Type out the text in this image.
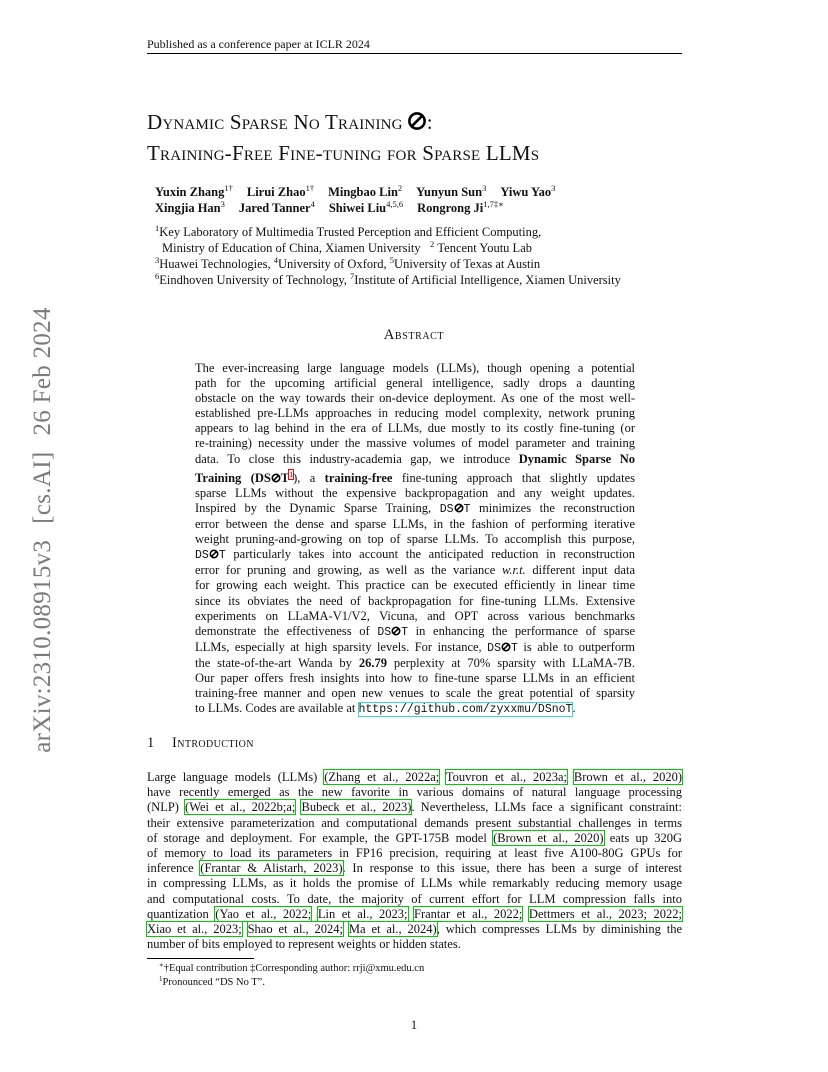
Published as a conference paper at ICLR 2024
arXiv:2310.08915v3[cs.AI]26 Feb 2024
Dynamic Sparse No Training :
Training-Free Fine-tuning for Sparse LLMs
Yuxin Zhang$^{1\dagger}$ Lirui Zhao$^{1\dagger}$ Mingbao Lin$^2$ Yunyun Sun$^3$ Yiwu Yao$^3$
Xingjia Han$^3$ Jared Tanner$^4$ Shiwei Liu$^{4,5,6}$ Rongrong $Ji^{1,7\ddagger∗}$
$^1$Key Laboratory of Multimedia Trusted Perception and Efficient Computing,
Ministry of Education of China, Xiamen University $^2$ Tencent Youtu Lab
$^3$Huawei Technologies, $^4$University of Oxford, $^5$University of Texas at Austin
$^6$Eindhoven University of Technology, $^7$Institute of Artificial Intelligence, Xiamen University
Abstract
The ever-increasing large language models (LLMs), though opening a potential
path for the upcoming artificial general intelligence, sadly drops a daunting
obstacle on the way towards their on-device deployment. As one of the most well-
established pre-LLMs approaches in reducing model complexity, network pruning
appears to lag behind in the era of LLMs, due mostly to its costly fine-tuning (or
re-training) necessity under the massive volumes of model parameter and training
data. To close this industry-academia gap, we introduce Dynamic Sparse No
Training (DS $T^1$), a training-free fine-tuning approach that slightly updates
sparse LLMs without the expensive backpropagation and any weight updates.
Inspired by the Dynamic Sparse Training, DS T minimizes the reconstruction
error between the dense and sparse LLMs, in the fashion of performing iterative
weight pruning-and-growing on top of sparse LLMs. To accomplish this purpose,
DS T particularly takes into account the anticipated reduction in reconstruction
error for pruning and growing, as well as the variance w.r.t. different input data
for growing each weight. This practice can be executed efficiently in linear time
since its obviates the need of backpropagation for fine-tuning LLMs. Extensive
experiments on LLaMA-V1/V2, Vicuna, and OPT across various benchmarks
demonstrate the effectiveness of DS T in enhancing the performance of sparse
LLMs, especially at high sparsity levels. For instance, DS T is able to outperform
the state-of-the-art Wanda by 26.79 perplexity at 70% sparsity with LLaMA-7B.
Our paper offers fresh insights into how to fine-tune sparse LLMs in an efficient
training-free manner and open new venues to scale the great potential of sparsity
to LLMs. Codes are available at https://github.com/zyxxmu/DSnoT.
1 Introduction
Large language models (LLMs) (Zhang et al., 2022a; Touvron et al., 2023a; Brown et al., 2020)
have recently emerged as the new favorite in various domains of natural language processing
(NLP) (Wei et al., 2022b;a; Bubeck et al., 2023). Nevertheless, LLMs face a significant constraint:
their extensive parameterization and computational demands present substantial challenges in terms
of storage and deployment. For example, the GPT-175B model (Brown et al., 2020) eats up 320G
of memory to load its parameters in FP16 precision, requiring at least five A100-80G GPUs for
inference (Frantar & Alistarh, 2023). In response to this issue, there has been a surge of interest
in compressing LLMs, as it holds the promise of LLMs while remarkably reducing memory usage
and computational costs. To date, the majority of current effort for LLM compression falls into
quantization (Yao et al., 2022; Lin et al., 2023; Frantar et al., 2022; Dettmers et al., 2023; 2022;
Xiao et al., 2023; Shao et al., 2024; Ma et al., 2024), which compresses LLMs by diminishing the
number of bits employed to represent weights or hidden states.
∗†Equal contribution ‡Corresponding author: rrji@xmu.edu.cn
$^1$Pronounced “DS No T”.
1
